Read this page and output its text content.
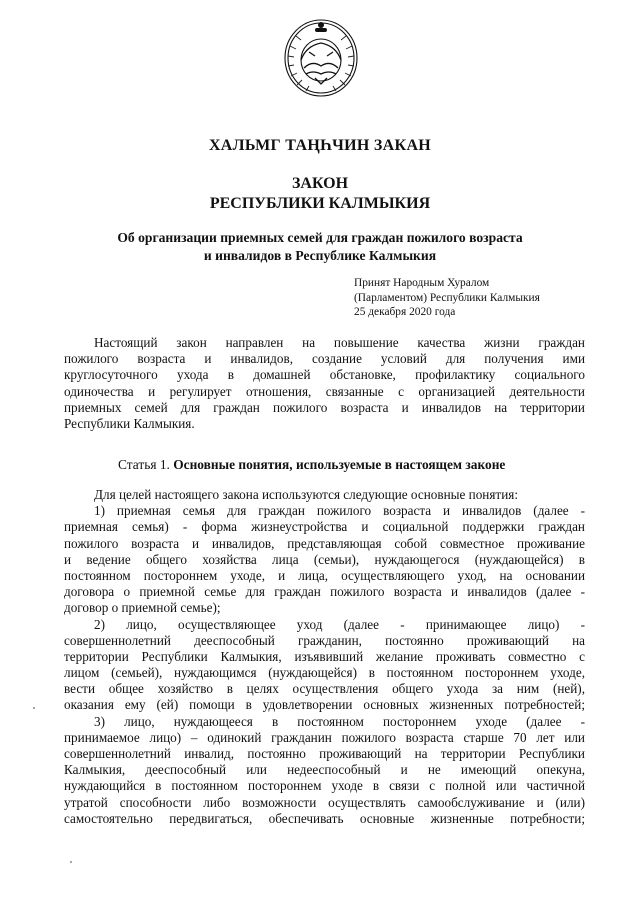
ХАЛЬМГ ТАҢҺЧИН ЗАКАН
ЗАКОН
РЕСПУБЛИКИ КАЛМЫКИЯ
Об организации приемных семей для граждан пожилого возраста
и инвалидов в Республике Калмыкия
Принят Народным Хуралом
(Парламентом) Республики Калмыкия
25 декабря 2020 года
Настоящий закон направлен на повышение качества жизни граждан
пожилого возраста и инвалидов, создание условий для получения ими
круглосуточного ухода в домашней обстановке, профилактику социального
одиночества и регулирует отношения, связанные с организацией деятельности
приемных семей для граждан пожилого возраста и инвалидов на территории
Республики Калмыкия.
Статья 1. Основные понятия, используемые в настоящем законе
Для целей настоящего закона используются следующие основные понятия:
1) приемная семья для граждан пожилого возраста и инвалидов (далее -
приемная семья) - форма жизнеустройства и социальной поддержки граждан
пожилого возраста и инвалидов, представляющая собой совместное проживание
и ведение общего хозяйства лица (семьи), нуждающегося (нуждающейся) в
постоянном постороннем уходе, и лица, осуществляющего уход, на основании
договора о приемной семье для граждан пожилого возраста и инвалидов (далее -
договор о приемной семье);
2) лицо, осуществляющее уход (далее - принимающее лицо) -
совершеннолетний дееспособный гражданин, постоянно проживающий на
территории Республики Калмыкия, изъявивший желание проживать совместно с
лицом (семьей), нуждающимся (нуждающейся) в постоянном постороннем уходе,
вести общее хозяйство в целях осуществления общего ухода за ним (ней),
оказания ему (ей) помощи в удовлетворении основных жизненных потребностей;
3) лицо, нуждающееся в постоянном постороннем уходе (далее -
принимаемое лицо) – одинокий гражданин пожилого возраста старше 70 лет или
совершеннолетний инвалид, постоянно проживающий на территории Республики
Калмыкия, дееспособный или недееспособный и не имеющий опекуна,
нуждающийся в постоянном постороннем уходе в связи с полной или частичной
утратой способности либо возможности осуществлять самообслуживание и (или)
самостоятельно передвигаться, обеспечивать основные жизненные потребности;
